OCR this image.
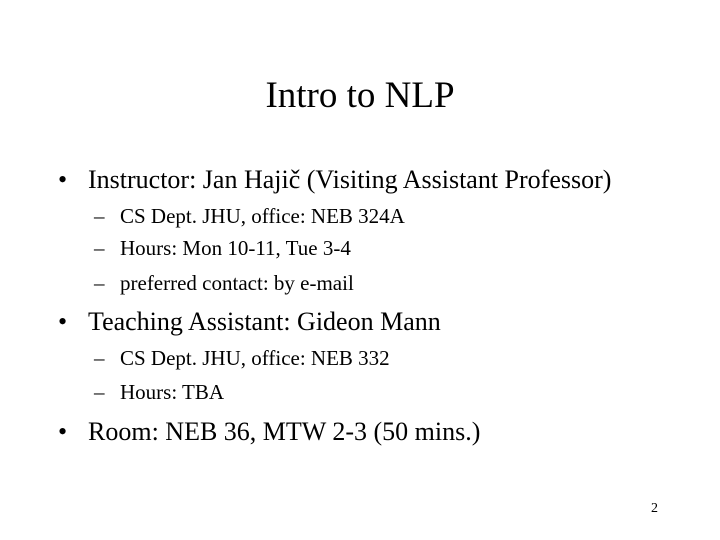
Intro to NLP
• Instructor: Jan Hajič (Visiting Assistant Professor)
– CS Dept. JHU, office: NEB 324A
– Hours: Mon 10-11, Tue 3-4
– preferred contact: by e-mail
• Teaching Assistant: Gideon Mann
– CS Dept. JHU, office: NEB 332
– Hours: TBA
• Room: NEB 36, MTW 2-3 (50 mins.)
2
